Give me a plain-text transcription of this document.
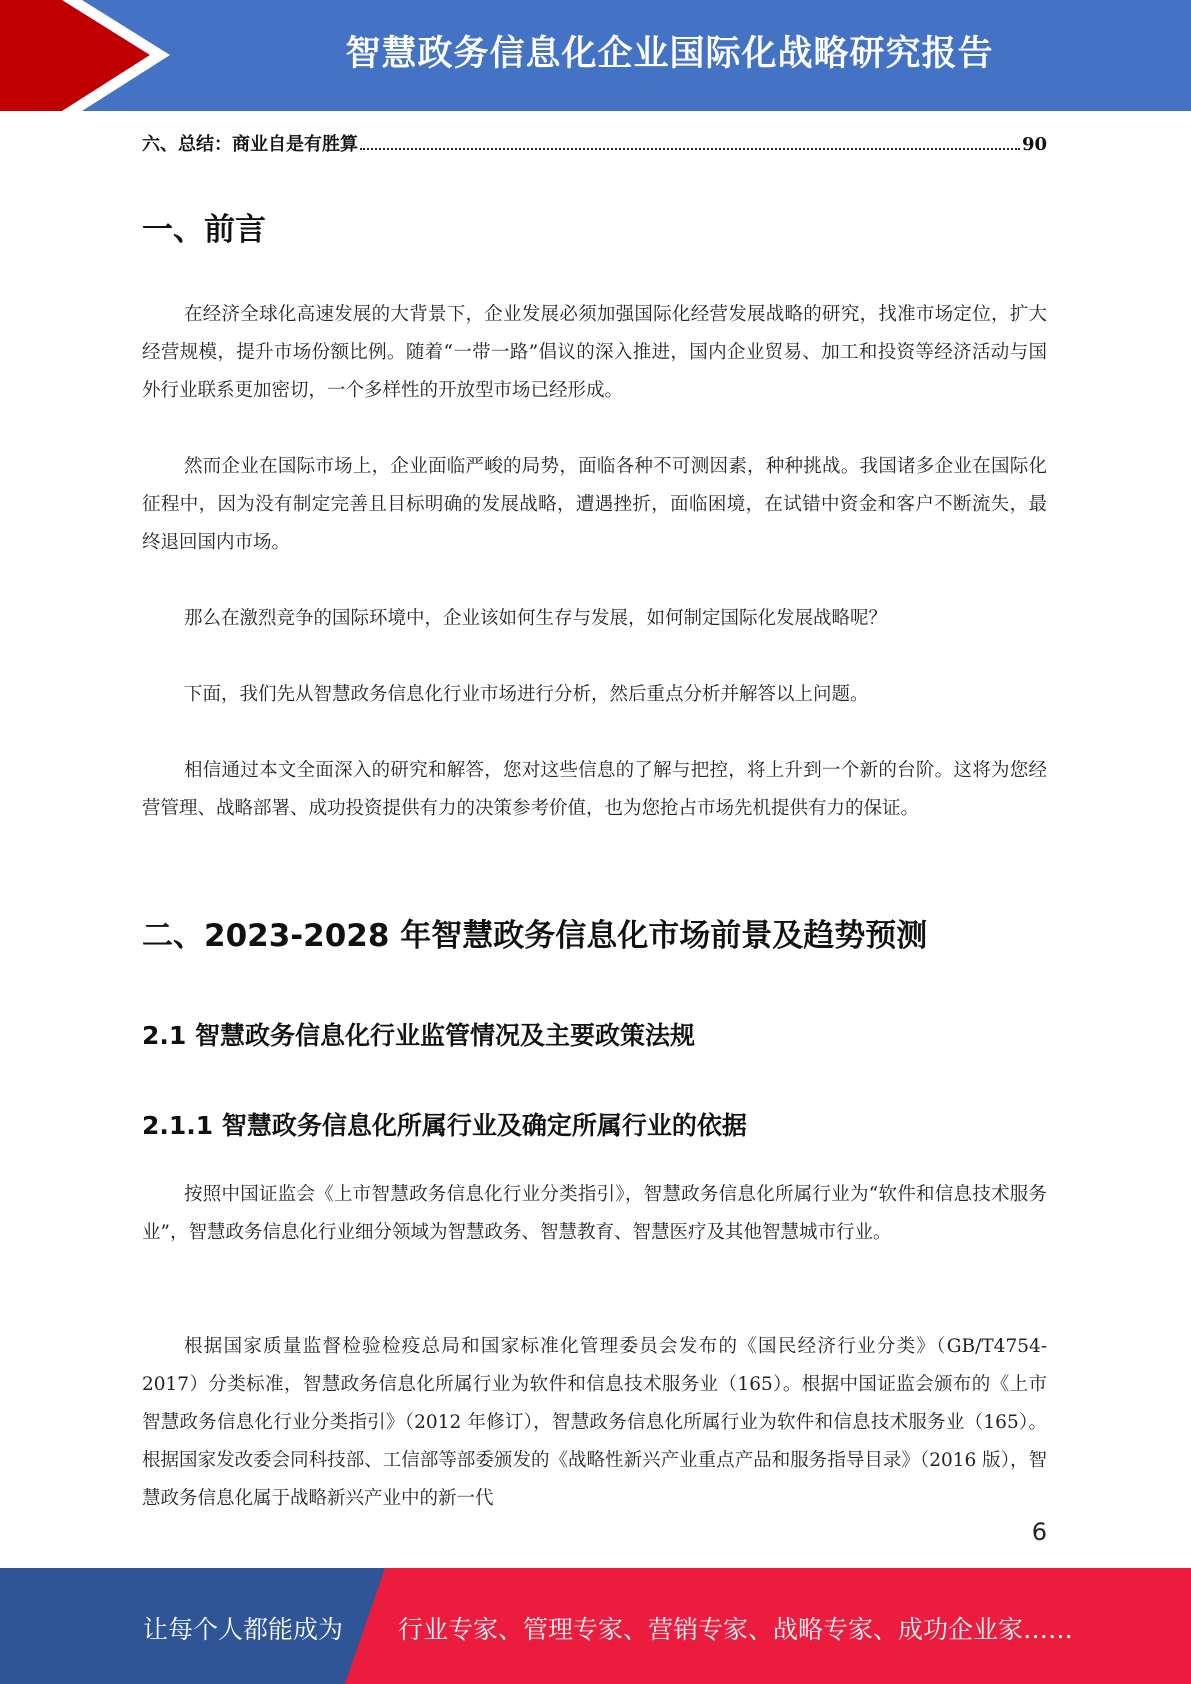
智慧政务信息化企业国际化战略研究报告
六、总结：商业自是有胜算	90
一、前言
在经济全球化高速发展的大背景下，企业发展必须加强国际化经营发展战略的研究，找准市场定位，扩大经营规模，提升市场份额比例。随着“一带一路”倡议的深入推进，国内企业贸易、加工和投资等经济活动与国外行业联系更加密切，一个多样性的开放型市场已经形成。
然而企业在国际市场上，企业面临严峻的局势，面临各种不可测因素，种种挑战。我国诸多企业在国际化征程中，因为没有制定完善且目标明确的发展战略，遭遇挫折，面临困境，在试错中资金和客户不断流失，最终退回国内市场。
那么在激烈竞争的国际环境中，企业该如何生存与发展，如何制定国际化发展战略呢？
下面，我们先从智慧政务信息化行业市场进行分析，然后重点分析并解答以上问题。
相信通过本文全面深入的研究和解答，您对这些信息的了解与把控，将上升到一个新的台阶。这将为您经营管理、战略部署、成功投资提供有力的决策参考价值，也为您抢占市场先机提供有力的保证。
二、2023-2028 年智慧政务信息化市场前景及趋势预测
2.1 智慧政务信息化行业监管情况及主要政策法规
2.1.1 智慧政务信息化所属行业及确定所属行业的依据
按照中国证监会《上市智慧政务信息化行业分类指引》，智慧政务信息化所属行业为“软件和信息技术服务业”，智慧政务信息化行业细分领域为智慧政务、智慧教育、智慧医疗及其他智慧城市行业。
根据国家质量监督检验检疫总局和国家标准化管理委员会发布的《国民经济行业分类》（GB/T4754-2017）分类标准，智慧政务信息化所属行业为软件和信息技术服务业（165）。根据中国证监会颁布的《上市智慧政务信息化行业分类指引》（2012 年修订），智慧政务信息化所属行业为软件和信息技术服务业（165）。根据国家发改委会同科技部、工信部等部委颁发的《战略性新兴产业重点产品和服务指导目录》（2016 版），智慧政务信息化属于战略新兴产业中的新一代
6
让每个人都能成为 行业专家、管理专家、营销专家、战略专家、成功企业家……
